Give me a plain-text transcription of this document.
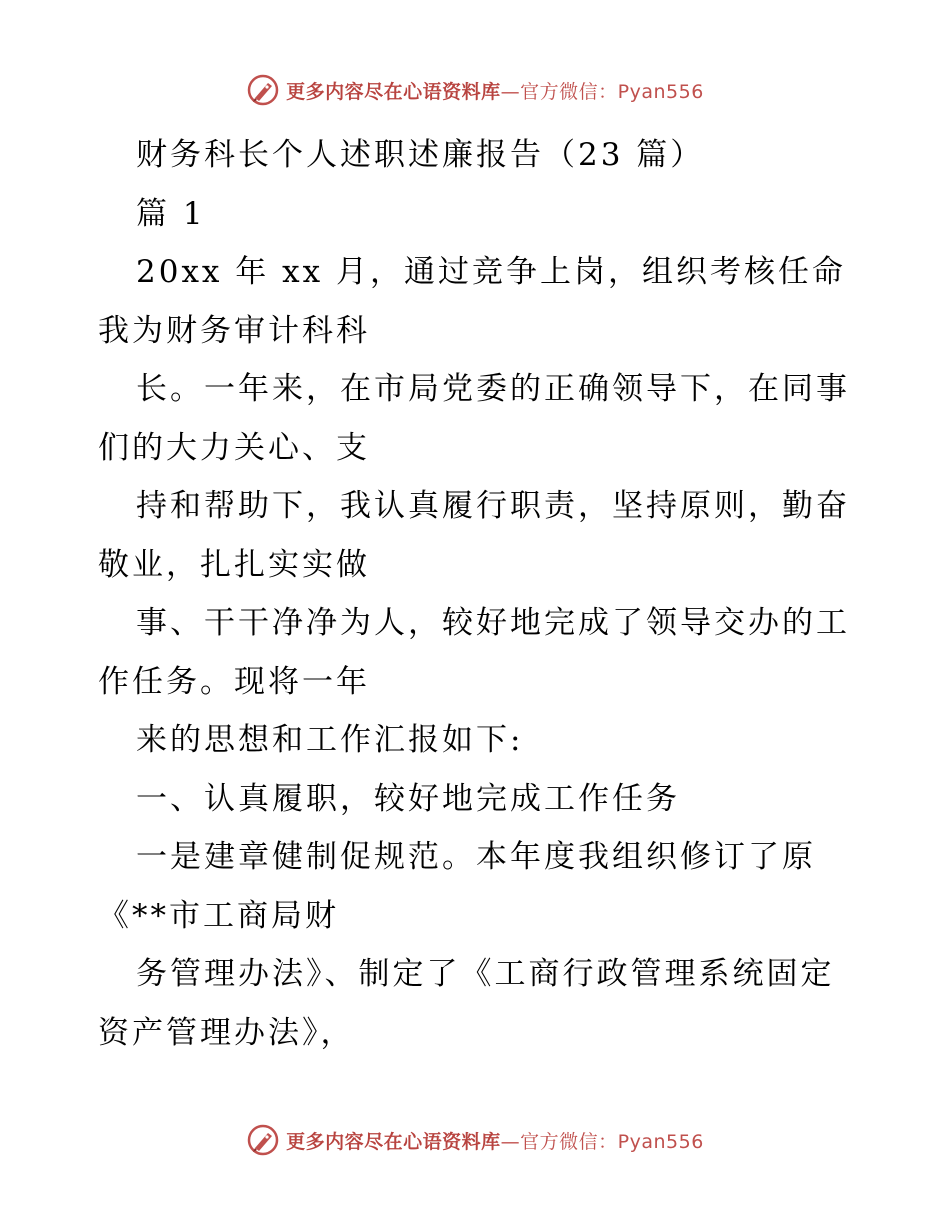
更多内容尽在心语资料库—官方微信：Pyan556
财务科长个人述职述廉报告（23 篇）
篇 1
20xx 年 xx 月，通过竞争上岗，组织考核任命
我为财务审计科科
长。一年来，在市局党委的正确领导下，在同事
们的大力关心、支
持和帮助下，我认真履行职责，坚持原则，勤奋
敬业，扎扎实实做
事、干干净净为人，较好地完成了领导交办的工
作任务。现将一年
来的思想和工作汇报如下:
一、认真履职，较好地完成工作任务
一是建章健制促规范。本年度我组织修订了原
《**市工商局财
务管理办法》、制定了《工商行政管理系统固定
资产管理办法》，
更多内容尽在心语资料库—官方微信：Pyan556
